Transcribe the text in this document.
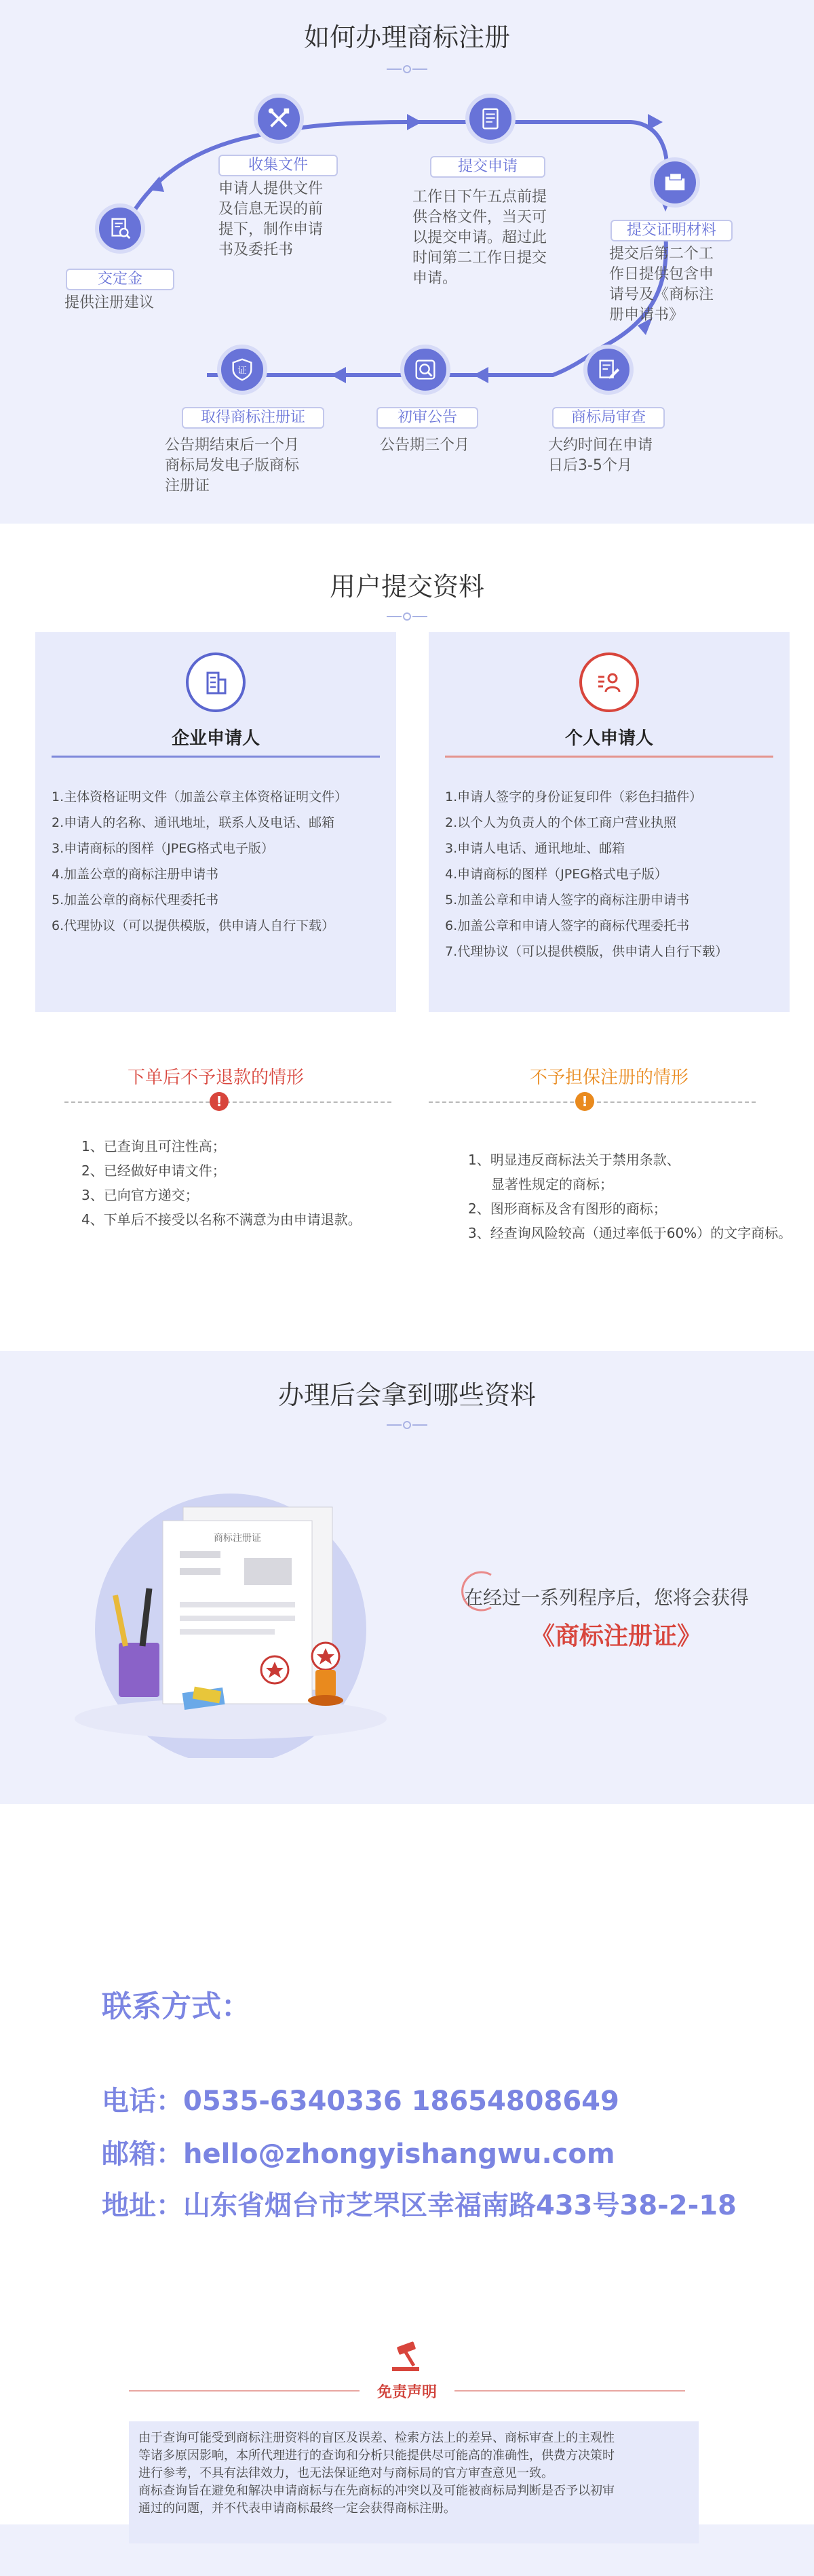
如何办理商标注册
证
交定金
提供注册建议
收集文件
申请人提供文件
及信息无误的前
提下，制作申请
书及委托书
提交申请
工作日下午五点前提
供合格文件，当天可
以提交申请。超过此
时间第二工作日提交
申请。
提交证明材料
提交后第二个工
作日提供包含申
请号及《商标注
册申请书》
商标局审查
大约时间在申请
日后3-5个月
初审公告
公告期三个月
取得商标注册证
公告期结束后一个月
商标局发电子版商标
注册证
用户提交资料
企业申请人
1.主体资格证明文件（加盖公章主体资格证明文件）
2.申请人的名称、通讯地址，联系人及电话、邮箱
3.申请商标的图样（JPEG格式电子版）
4.加盖公章的商标注册申请书
5.加盖公章的商标代理委托书
6.代理协议（可以提供模版，供申请人自行下载）
个人申请人
1.申请人签字的身份证复印件（彩色扫描件）
2.以个人为负责人的个体工商户营业执照
3.申请人电话、通讯地址、邮箱
4.申请商标的图样（JPEG格式电子版）
5.加盖公章和申请人签字的商标注册申请书
6.加盖公章和申请人签字的商标代理委托书
7.代理协议（可以提供模版，供申请人自行下载）
下单后不予退款的情形
!
1、已查询且可注性高；
2、已经做好申请文件；
3、已向官方递交；
4、下单后不接受以名称不满意为由申请退款。
不予担保注册的情形
!
1、明显违反商标法关于禁用条款、
显著性规定的商标；
2、图形商标及含有图形的商标；
3、经查询风险较高（通过率低于60%）的文字商标。
办理后会拿到哪些资料
商标注册证
在经过一系列程序后，您将会获得
《商标注册证》
联系方式：
电话：0535-6340336 18654808649
邮箱：hello@zhongyishangwu.com
地址：山东省烟台市芝罘区幸福南路433号38-2-18
免责声明
由于查询可能受到商标注册资料的盲区及误差、检索方法上的差异、商标审查上的主观性
等诸多原因影响，本所代理进行的查询和分析只能提供尽可能高的准确性，供费方决策时
进行参考，不具有法律效力，也无法保证绝对与商标局的官方审查意见一致。
商标查询旨在避免和解决申请商标与在先商标的冲突以及可能被商标局判断是否予以初审
通过的问题，并不代表申请商标最终一定会获得商标注册。
